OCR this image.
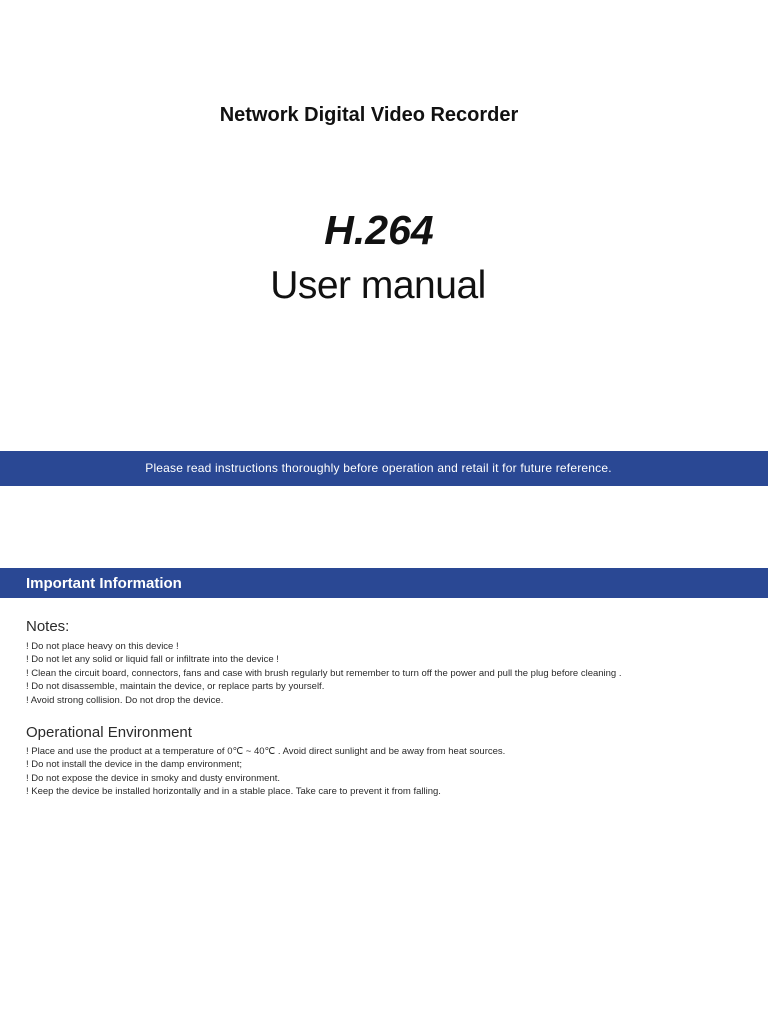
Network Digital Video Recorder
H.264
User manual
Please read instructions thoroughly before operation and retail it for future reference.
Important Information
Notes:
! Do not place heavy on this device !
! Do not let any solid or liquid fall or infiltrate into the device !
! Clean the circuit board, connectors, fans and case with brush regularly but remember to turn off the power and pull the plug before cleaning .
! Do not disassemble, maintain the device, or replace parts by yourself.
! Avoid strong collision. Do not drop the device.
Operational Environment
! Place and use the product at a temperature of 0℃ ~ 40℃ . Avoid direct sunlight and be away from heat sources.
! Do not install the device in the damp environment;
! Do not expose the device in smoky and dusty environment.
! Keep the device be installed horizontally and in a stable place. Take care to prevent it from falling.
